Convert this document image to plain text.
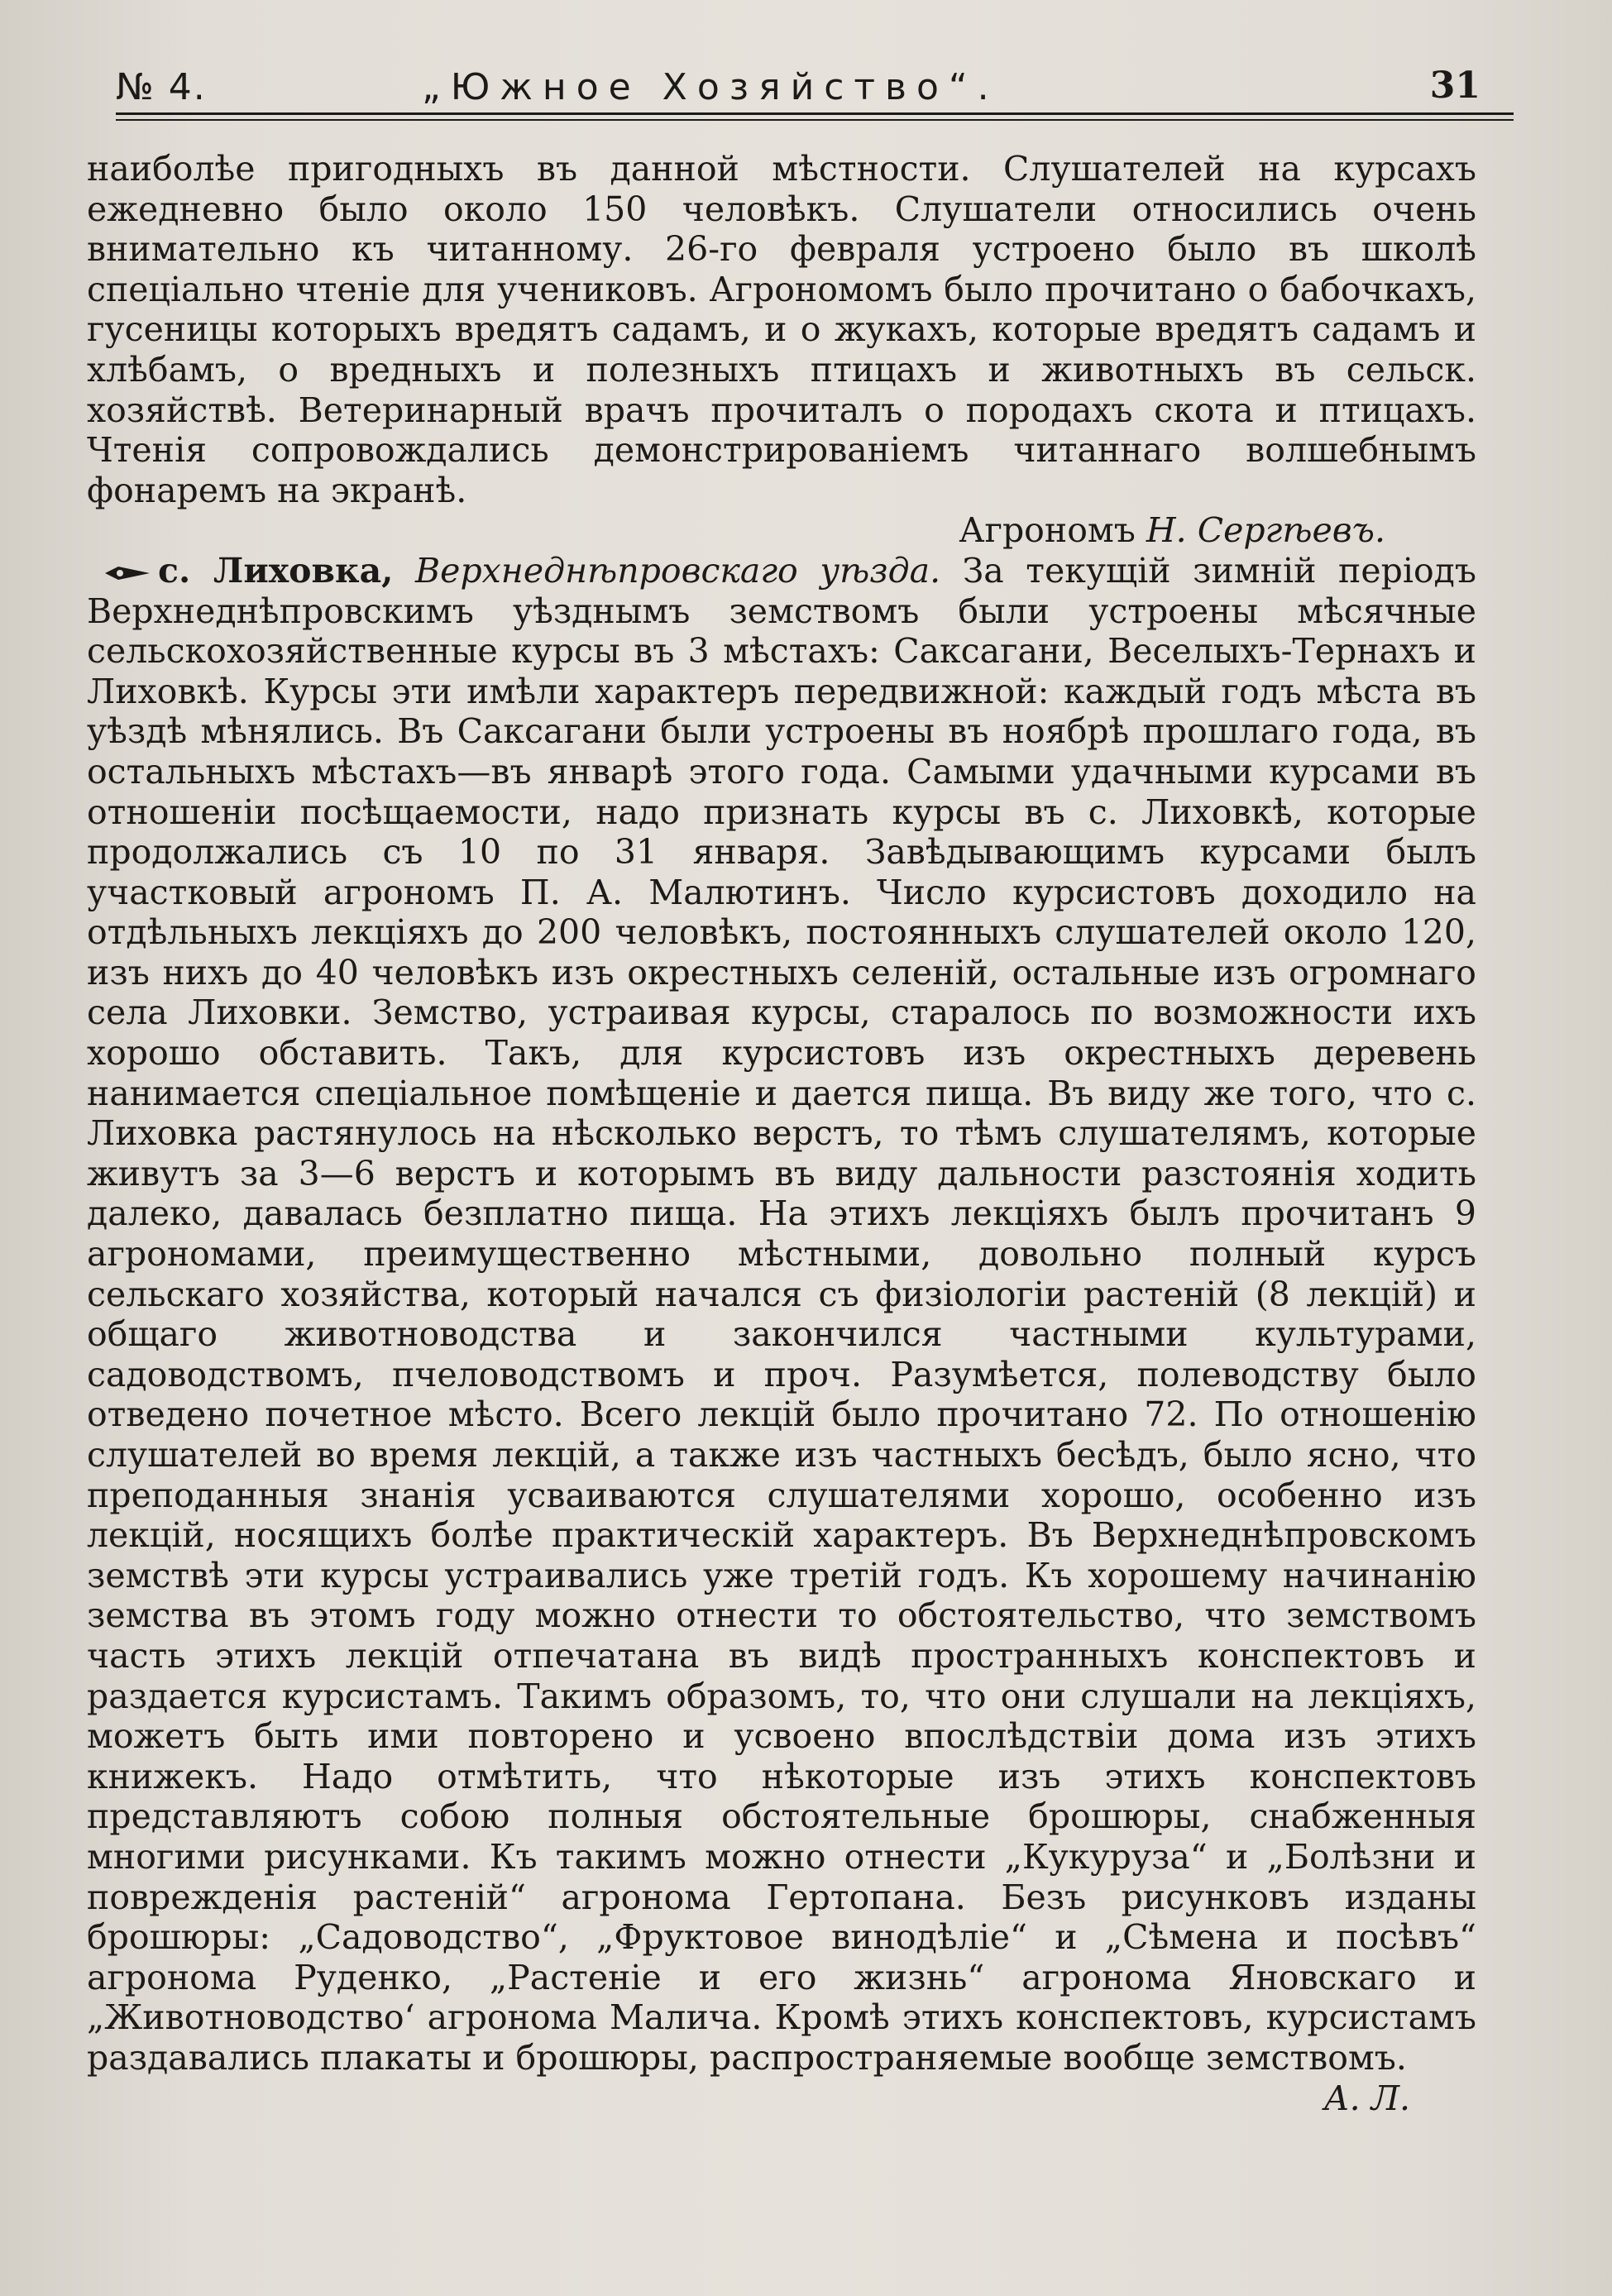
№ 4.	„Южное Хозяйство“.	31

наиболѣе пригодныхъ въ данной мѣстности. Слушателей на курсахъ ежедневно было около 150 человѣкъ. Слушатели относились очень внимательно къ читанному. 26-го февраля устроено было въ школѣ спеціально чтеніе для учениковъ. Агрономомъ было прочитано о бабочкахъ, гусеницы которыхъ вредятъ садамъ, и о жукахъ, которые вредятъ садамъ и хлѣбамъ, о вредныхъ и полезныхъ птицахъ и животныхъ въ сельск. хозяйствѣ. Ветеринарный врачъ прочиталъ о породахъ скота и птицахъ. Чтенія сопровождались демонстрированіемъ читаннаго волшебнымъ фонаремъ на экранѣ.

Агрономъ Н. Сергѣевъ.

с. Лиховка, Верхнеднѣпровскаго уѣзда. За текущій зимній періодъ Верхнеднѣпровскимъ уѣзднымъ земствомъ были устроены мѣсячные сельскохозяйственные курсы въ 3 мѣстахъ: Саксагани, Веселыхъ-Тернахъ и Лиховкѣ. Курсы эти имѣли характеръ передвижной: каждый годъ мѣста въ уѣздѣ мѣнялись. Въ Саксагани были устроены въ ноябрѣ прошлаго года, въ остальныхъ мѣстахъ—въ январѣ этого года. Самыми удачными курсами въ отношеніи посѣщаемости, надо признать курсы въ с. Лиховкѣ, которые продолжались съ 10 по 31 января. Завѣдывающимъ курсами былъ участковый агрономъ П. А. Малютинъ. Число курсистовъ доходило на отдѣльныхъ лекціяхъ до 200 человѣкъ, постоянныхъ слушателей около 120, изъ нихъ до 40 человѣкъ изъ окрестныхъ селеній, остальные изъ огромнаго села Лиховки. Земство, устраивая курсы, старалось по возможности ихъ хорошо обставить. Такъ, для курсистовъ изъ окрестныхъ деревень нанимается спеціальное помѣщеніе и дается пища. Въ виду же того, что с. Лиховка растянулось на нѣсколько верстъ, то тѣмъ слушателямъ, которые живутъ за 3—6 верстъ и которымъ въ виду дальности разстоянія ходить далеко, давалась безплатно пища. На этихъ лекціяхъ былъ прочитанъ 9 агрономами, преимущественно мѣстными, довольно полный курсъ сельскаго хозяйства, который начался съ физіологіи растеній (8 лекцій) и общаго животноводства и закончился частными культурами, садоводствомъ, пчеловодствомъ и проч. Разумѣется, полеводству было отведено почетное мѣсто. Всего лекцій было прочитано 72. По отношенію слушателей во время лекцій, а также изъ частныхъ бесѣдъ, было ясно, что преподанныя знанія усваиваются слушателями хорошо, особенно изъ лекцій, носящихъ болѣе практическій характеръ. Въ Верхнеднѣпровскомъ земствѣ эти курсы устраивались уже третій годъ. Къ хорошему начинанію земства въ этомъ году можно отнести то обстоятельство, что земствомъ часть этихъ лекцій отпечатана въ видѣ пространныхъ конспектовъ и раздается курсистамъ. Такимъ образомъ, то, что они слушали на лекціяхъ, можетъ быть ими повторено и усвоено впослѣдствіи дома изъ этихъ книжекъ. Надо отмѣтить, что нѣкоторые изъ этихъ конспектовъ представляютъ собою полныя обстоятельные брошюры, снабженныя многими рисунками. Къ такимъ можно отнести „Кукуруза“ и „Болѣзни и поврежденія растеній“ агронома Гертопана. Безъ рисунковъ изданы брошюры: „Садоводство“, „Фруктовое винодѣліе“ и „Сѣмена и посѣвъ“ агронома Руденко, „Растеніе и его жизнь“ агронома Яновскаго и „Животноводство‘ агронома Малича. Кромѣ этихъ конспектовъ, курсистамъ раздавались плакаты и брошюры, распространяемые вообще земствомъ.

А. Л.
